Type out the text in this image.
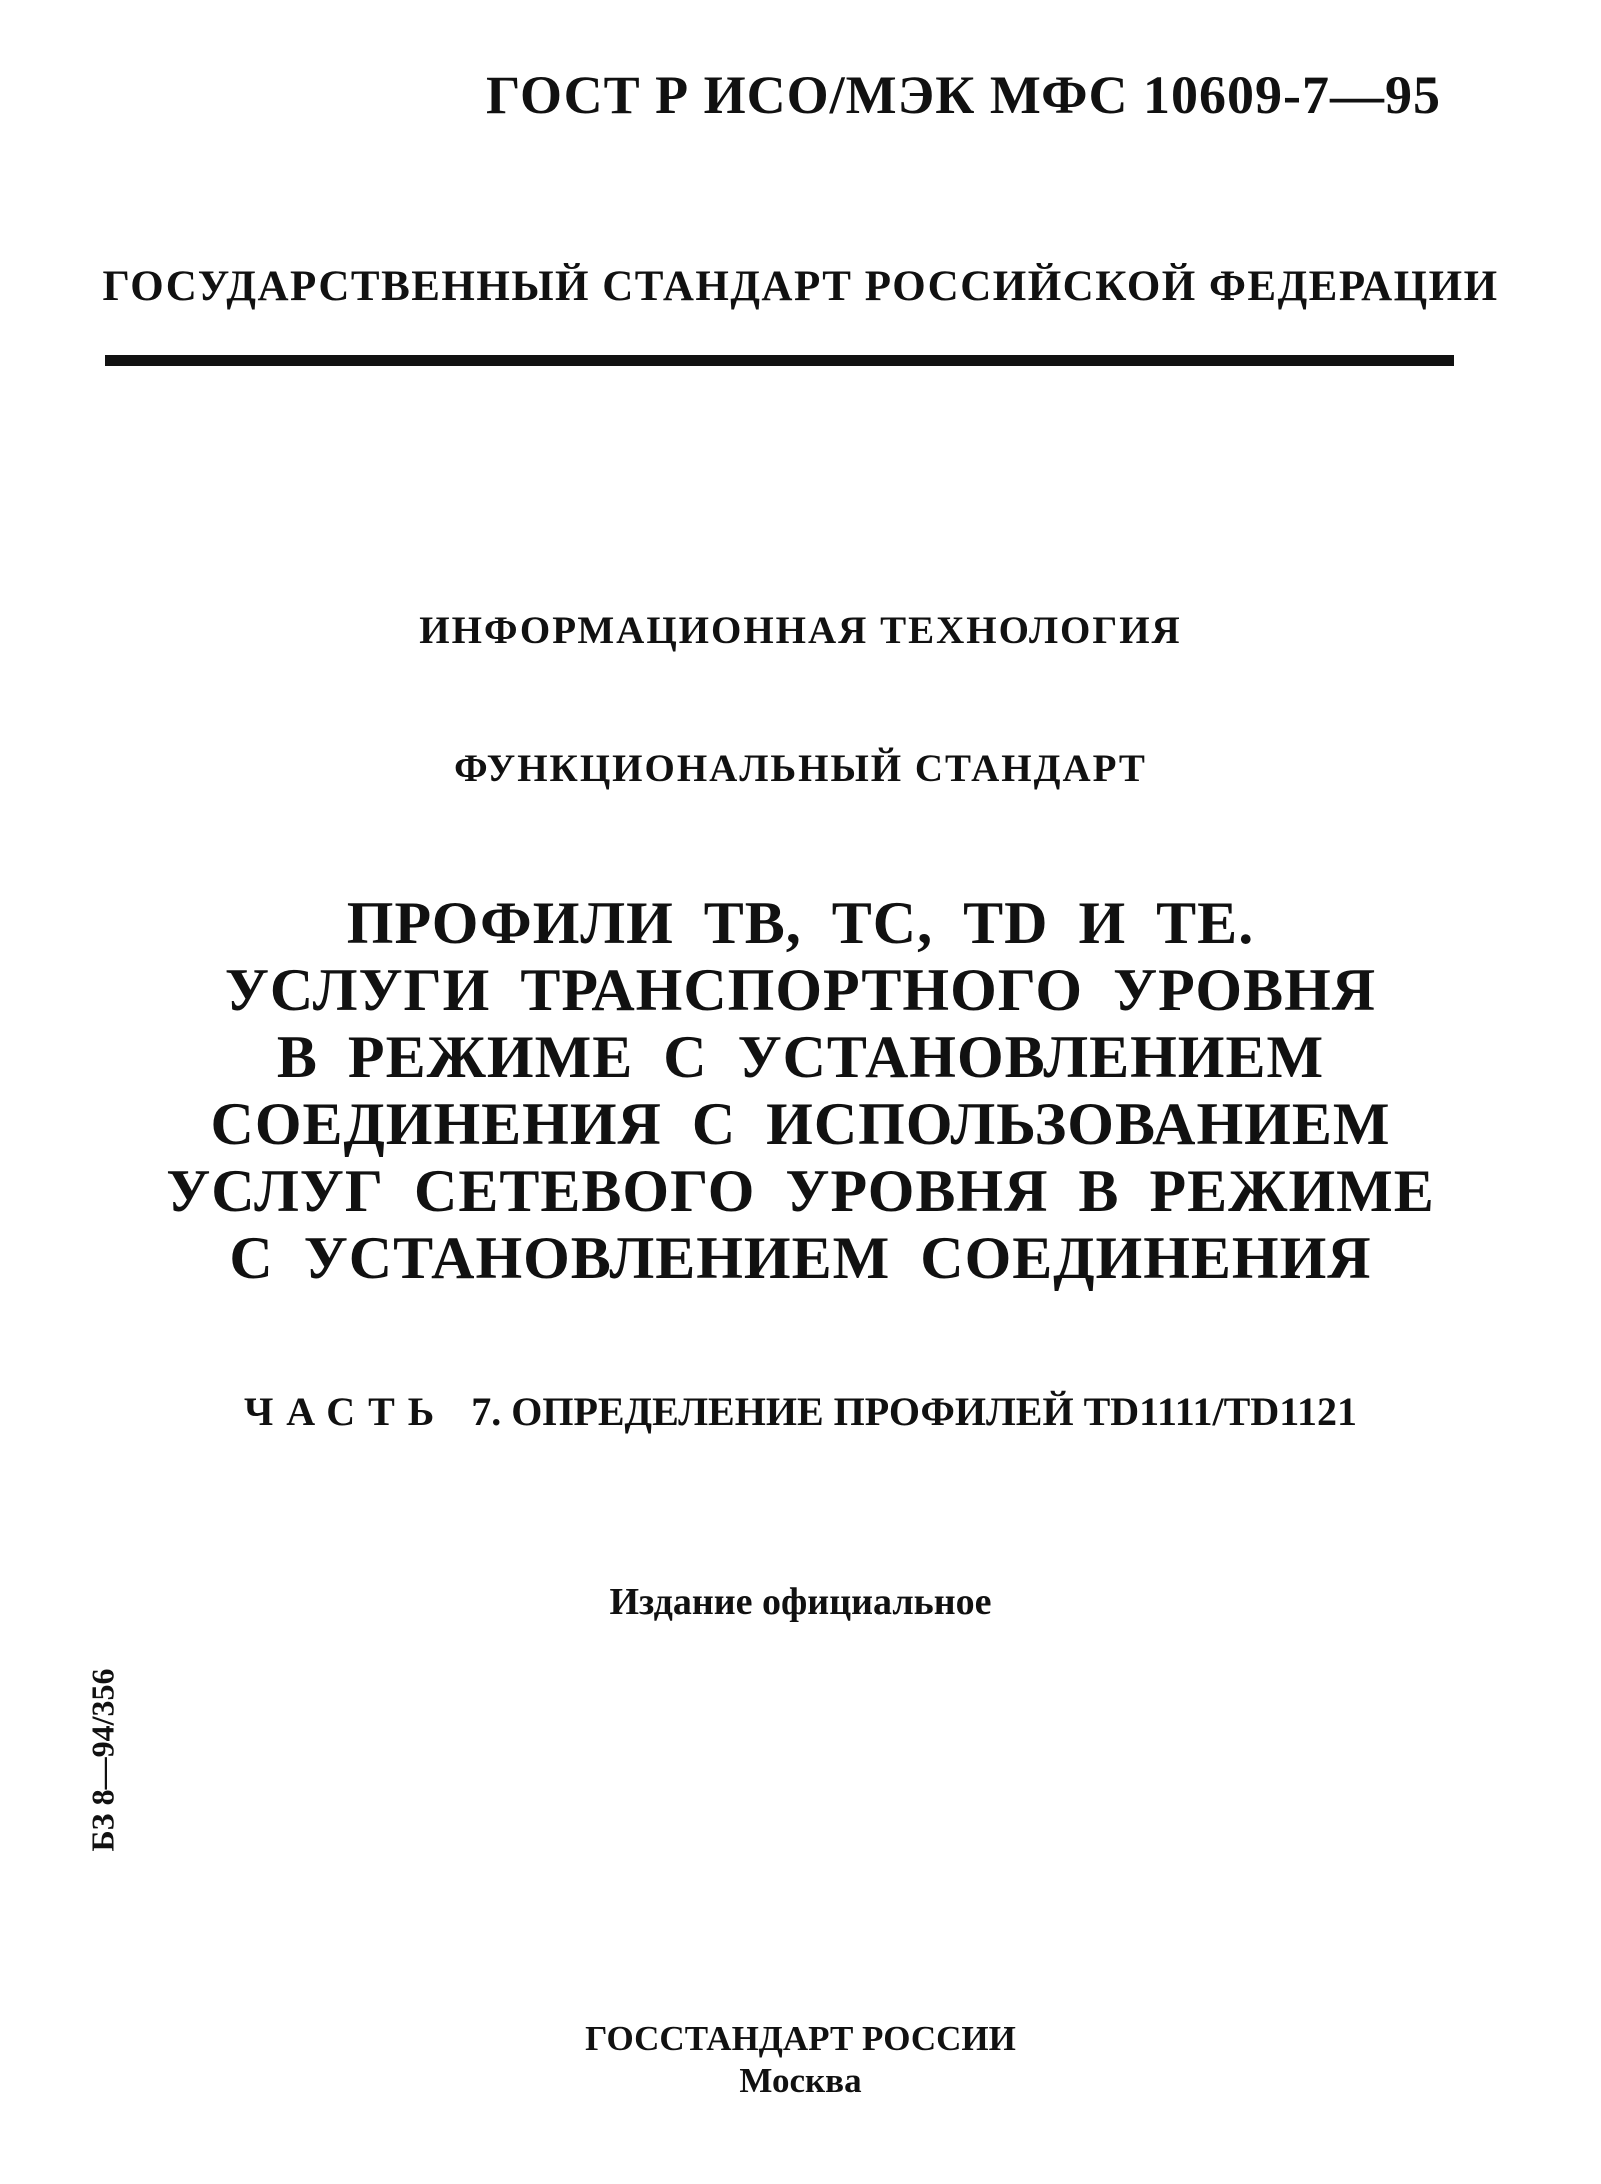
ГОСТ Р ИСО/МЭК МФС 10609-7—95
ГОСУДАРСТВЕННЫЙ СТАНДАРТ РОССИЙСКОЙ ФЕДЕРАЦИИ
ИНФОРМАЦИОННАЯ ТЕХНОЛОГИЯ
ФУНКЦИОНАЛЬНЫЙ СТАНДАРТ
ПРОФИЛИ ТВ, ТС, TD И ТЕ.
УСЛУГИ ТРАНСПОРТНОГО УРОВНЯ
В РЕЖИМЕ С УСТАНОВЛЕНИЕМ
СОЕДИНЕНИЯ С ИСПОЛЬЗОВАНИЕМ
УСЛУГ СЕТЕВОГО УРОВНЯ В РЕЖИМЕ
С УСТАНОВЛЕНИЕМ СОЕДИНЕНИЯ
ЧАСТЬ 7. ОПРЕДЕЛЕНИЕ ПРОФИЛЕЙ TD1111/TD1121
Издание официальное
БЗ 8—94/356
ГОССТАНДАРТ РОССИИ
Москва
